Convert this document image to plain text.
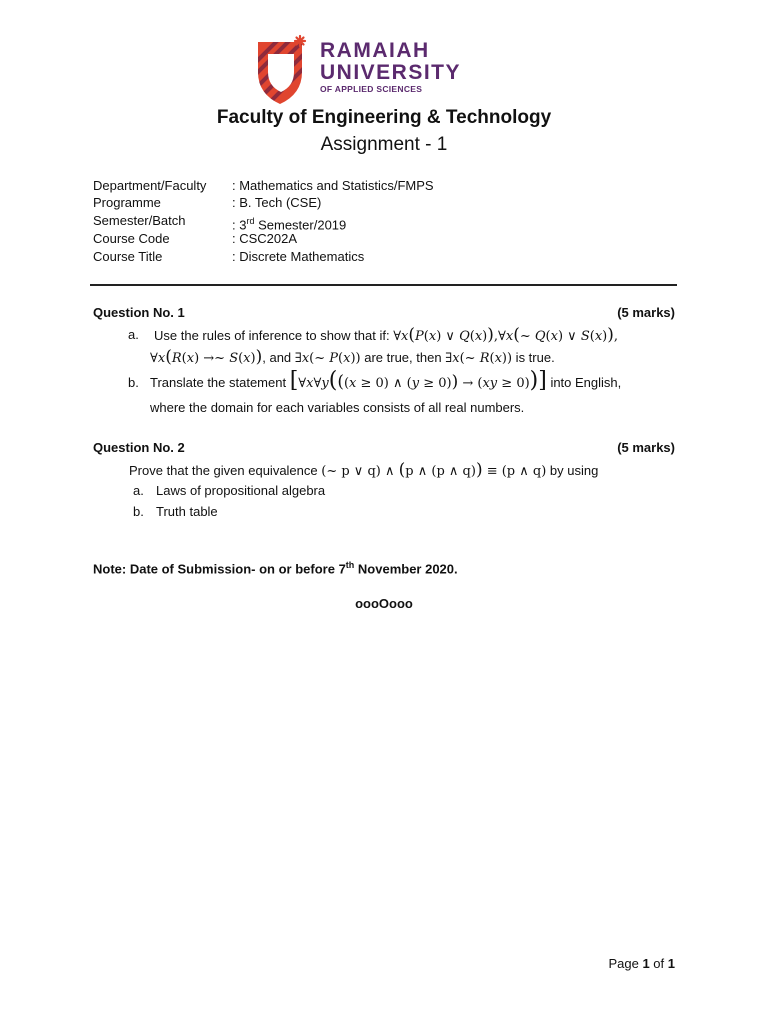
RAMAIAH
UNIVERSITY
OF APPLIED SCIENCES
Faculty of Engineering & Technology
Assignment - 1
Department/Faculty : Mathematics and Statistics/FMPS
Programme	: B. Tech (CSE)
Semester/Batch	: 3rd Semester/2019
Course Code	: CSC202A
Course Title	: Discrete Mathematics
Question No. 1	(5 marks)
a. Use the rules of inference to show that if: ∀x(P(x) ∨ Q(x)),∀x(~ Q(x) ∨ S(x)),
∀x(R(x) →~ S(x)), and ∃x(~ P(x)) are true, then ∃x(~ R(x)) is true.
b. Translate the statement [∀x∀y(((x ≥ 0) ∧ (y ≥ 0)) → (xy ≥ 0))] into English,
where the domain for each variables consists of all real numbers.
Question No. 2	(5 marks)
Prove that the given equivalence (~ p ∨ q) ∧ (p ∧ (p ∧ q)) ≡ (p ∧ q) by using
a. Laws of propositional algebra
b. Truth table
Note: Date of Submission- on or before 7th November 2020.
oooOooo
Page 1 of 1
